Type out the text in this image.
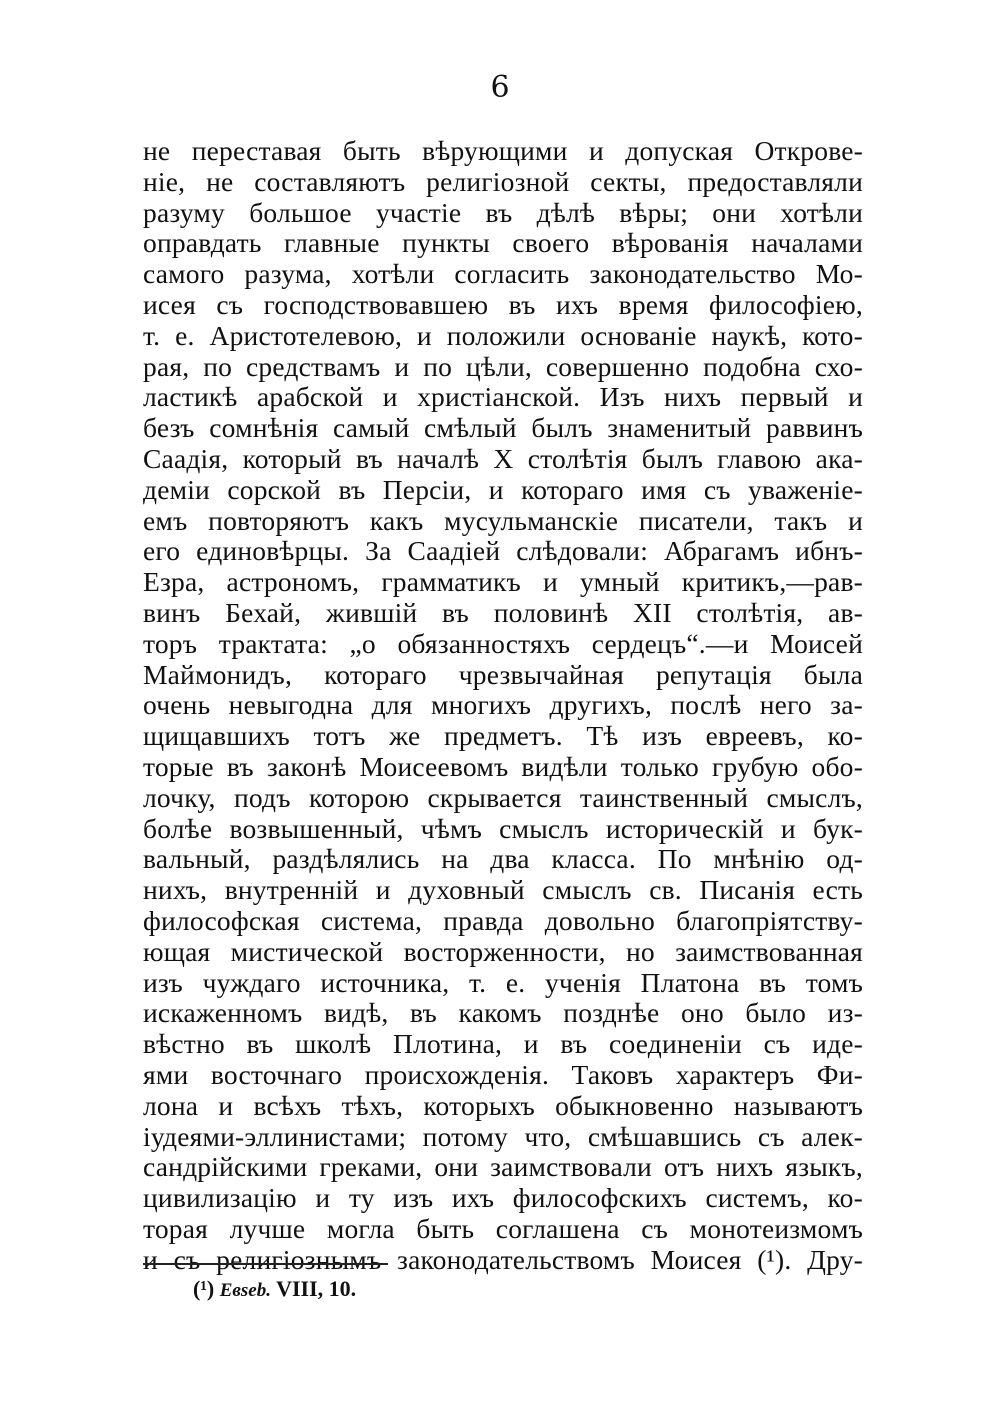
6
не переставая быть вѣрующими и допуская Открове-
ніе, не составляютъ религіозной секты, предоставляли
разуму большое участіе въ дѣлѣ вѣры; они хотѣли
оправдать главные пункты своего вѣрованія началами
самого разума, хотѣли согласить законодательство Мо-
исея съ господствовавшею въ ихъ время философіею,
т. е. Аристотелевою, и положили основаніе наукѣ, кото-
рая, по средствамъ и по цѣли, совершенно подобна схо-
ластикѣ арабской и христіанской. Изъ нихъ первый и
безъ сомнѣнія самый смѣлый былъ знаменитый раввинъ
Саадія, который въ началѣ X столѣтія былъ главою ака-
деміи сорской въ Персіи, и котораго имя съ уваженіе-
емъ повторяютъ какъ мусульманскіе писатели, такъ и
его единовѣрцы. За Саадіей слѣдовали: Абрагамъ ибнъ-
Езра, астрономъ, грамматикъ и умный критикъ,—рав-
винъ Бехай, жившій въ половинѣ XII столѣтія, ав-
торъ трактата: „о обязанностяхъ сердецъ“.—и Моисей
Маймонидъ, котораго чрезвычайная репутація была
очень невыгодна для многихъ другихъ, послѣ него за-
щищавшихъ тотъ же предметъ. Тѣ изъ евреевъ, ко-
торые въ законѣ Моисеевомъ видѣли только грубую обо-
лочку, подъ которою скрывается таинственный смыслъ,
болѣе возвышенный, чѣмъ смыслъ историческій и бук-
вальный, раздѣлялись на два класса. По мнѣнію од-
нихъ, внутренній и духовный смыслъ св. Писанія есть
философская система, правда довольно благопріятству-
ющая мистической восторженности, но заимствованная
изъ чуждаго источника, т. е. ученія Платона въ томъ
искаженномъ видѣ, въ какомъ позднѣе оно было из-
вѣстно въ школѣ Плотина, и въ соединеніи съ иде-
ями восточнаго происхожденія. Таковъ характеръ Фи-
лона и всѣхъ тѣхъ, которыхъ обыкновенно называютъ
іудеями-эллинистами; потому что, смѣшавшись съ алек-
сандрійскими греками, они заимствовали отъ нихъ языкъ,
цивилизацію и ту изъ ихъ философскихъ системъ, ко-
торая лучше могла быть соглашена съ монотеизмомъ
и съ религіознымъ законодательствомъ Моисея (¹). Дру-
(¹) Eвseb. VIII, 10.
